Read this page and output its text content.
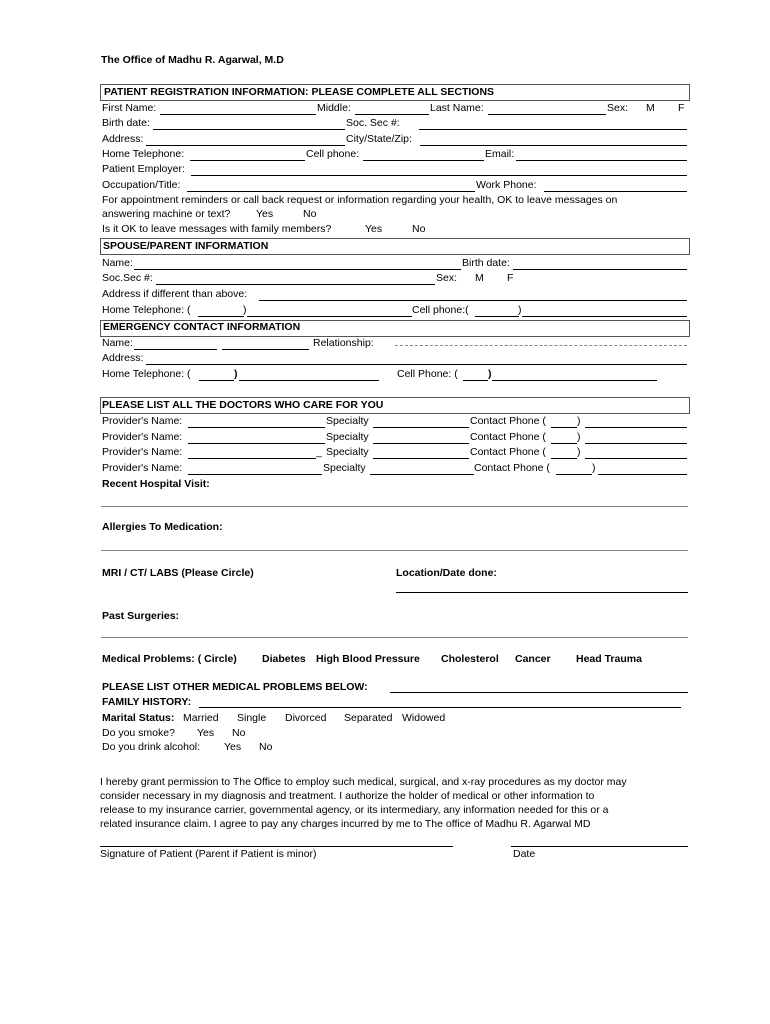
The Office of Madhu R. Agarwal, M.D
PATIENT REGISTRATION INFORMATION: PLEASE COMPLETE ALL SECTIONS
First Name:	Middle:	Last Name:	Sex: M F
Birth date:	Soc. Sec #:
Address:	City/State/Zip:
Home Telephone:	Cell phone:	Email:
Patient Employer:
Occupation/Title:	Work Phone:
For appointment reminders or call back request or information regarding your health, OK to leave messages on
answering machine or text? Yes	No
Is it OK to leave messages with family members?	Yes	No
SPOUSE/PARENT INFORMATION
Name:	Birth date:
Soc.Sec #:	Sex: M F
Address if different than above:
Home Telephone: (	)	Cell phone:(	)
EMERGENCY CONTACT INFORMATION
Name:	Relationship:
Address:
Home Telephone: (	)	Cell Phone: (	)
PLEASE LIST ALL THE DOCTORS WHO CARE FOR YOU
Provider's Name:	Specialty	Contact Phone (	)
Provider's Name:	Specialty	Contact Phone (	)
Provider's Name:	_ Specialty	Contact Phone (	)
Provider's Name:	Specialty	Contact Phone (	)
Recent Hospital Visit:
Allergies To Medication:
MRI / CT/ LABS (Please Circle)	Location/Date done:
Past Surgeries:
Medical Problems: ( Circle) Diabetes High Blood Pressure Cholesterol Cancer Head Trauma
PLEASE LIST OTHER MEDICAL PROBLEMS BELOW:
FAMILY HISTORY:
Marital Status: Married Single Divorced Separated Widowed
Do you smoke? Yes No
Do you drink alcohol: Yes No
I hereby grant permission to The Office to employ such medical, surgical, and x-ray procedures as my doctor may
consider necessary in my diagnosis and treatment. I authorize the holder of medical or other information to
release to my insurance carrier, governmental agency, or its intermediary, any information needed for this or a
related insurance claim. I agree to pay any charges incurred by me to The office of Madhu R. Agarwal MD
Signature of Patient (Parent if Patient is minor)	Date
